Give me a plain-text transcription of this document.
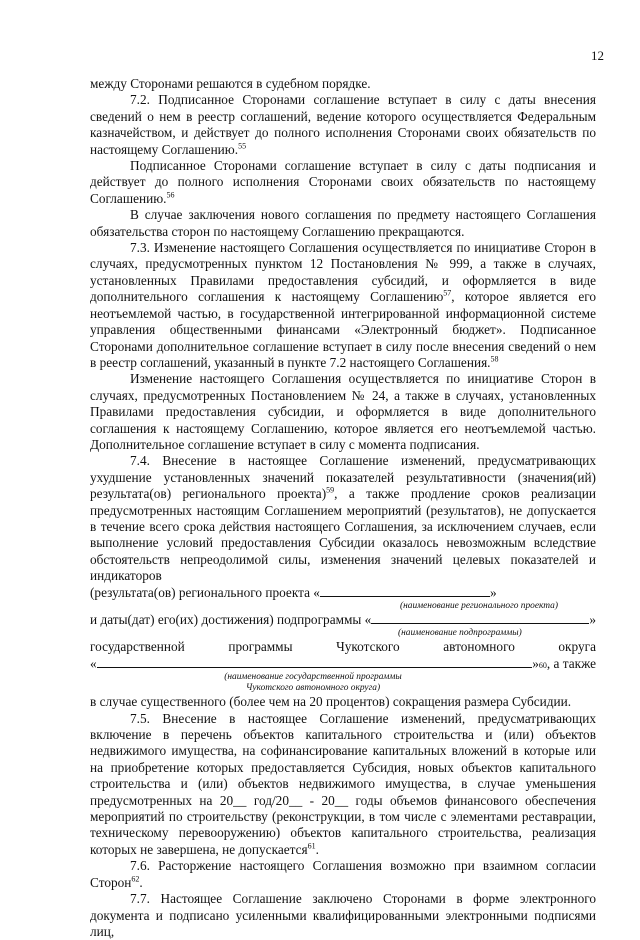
12

между Сторонами решаются в судебном порядке.

7.2. Подписанное Сторонами соглашение вступает в силу с даты внесения сведений о нем в реестр соглашений, ведение которого осуществляется Федеральным казначейством, и действует до полного исполнения Сторонами своих обязательств по настоящему Соглашению.$^{55}$

Подписанное Сторонами соглашение вступает в силу с даты подписания и действует до полного исполнения Сторонами своих обязательств по настоящему Соглашению.$^{56}$

В случае заключения нового соглашения по предмету настоящего Соглашения обязательства сторон по настоящему Соглашению прекращаются.

7.3. Изменение настоящего Соглашения осуществляется по инициативе Сторон в случаях, предусмотренных пунктом 12 Постановления № 999, а также в случаях, установленных Правилами предоставления субсидий, и оформляется в виде дополнительного соглашения к настоящему Соглашению$^{57}$, которое является его неотъемлемой частью, в государственной интегрированной информационной системе управления общественными финансами «Электронный бюджет». Подписанное Сторонами дополнительное соглашение вступает в силу после внесения сведений о нем в реестр соглашений, указанный в пункте 7.2 настоящего Соглашения.$^{58}$

Изменение настоящего Соглашения осуществляется по инициативе Сторон в случаях, предусмотренных Постановлением № 24, а также в случаях, установленных Правилами предоставления субсидии, и оформляется в виде дополнительного соглашения к настоящему Соглашению, которое является его неотъемлемой частью. Дополнительное соглашение вступает в силу с момента подписания.

7.4. Внесение в настоящее Соглашение изменений, предусматривающих ухудшение установленных значений показателей результативности (значения(ий) результата(ов) регионального проекта)$^{59}$, а также продление сроков реализации предусмотренных настоящим Соглашением мероприятий (результатов), не допускается в течение всего срока действия настоящего Соглашения, за исключением случаев, если выполнение условий предоставления Субсидии оказалось невозможным вследствие обстоятельств непреодолимой силы, изменения значений целевых показателей и индикаторов

(результата(ов) регионального проекта «	»
(наименование регионального проекта)
и даты(дат) его(их) достижения) подпрограммы «	»
(наименование подпрограммы)
государственной	программы	Чукотского	автономного	округа
«	» 60 , а также
(наименование государственной программы
Чукотского автономного округа)

в случае существенного (более чем на 20 процентов) сокращения размера Субсидии.

7.5. Внесение в настоящее Соглашение изменений, предусматривающих включение в перечень объектов капитального строительства и (или) объектов недвижимого имущества, на софинансирование капитальных вложений в которые или на приобретение которых предоставляется Субсидия, новых объектов капитального строительства и (или) объектов недвижимого имущества, в случае уменьшения предусмотренных на 20__ год/20__ - 20__ годы объемов финансового обеспечения мероприятий по строительству (реконструкции, в том числе с элементами реставрации, техническому перевооружению) объектов капитального строительства, реализация которых не завершена, не допускается$^{61}$.

7.6. Расторжение настоящего Соглашения возможно при взаимном согласии Сторон$^{62}$.

7.7. Настоящее Соглашение заключено Сторонами в форме электронного документа и подписано усиленными квалифицированными электронными подписями лиц,
